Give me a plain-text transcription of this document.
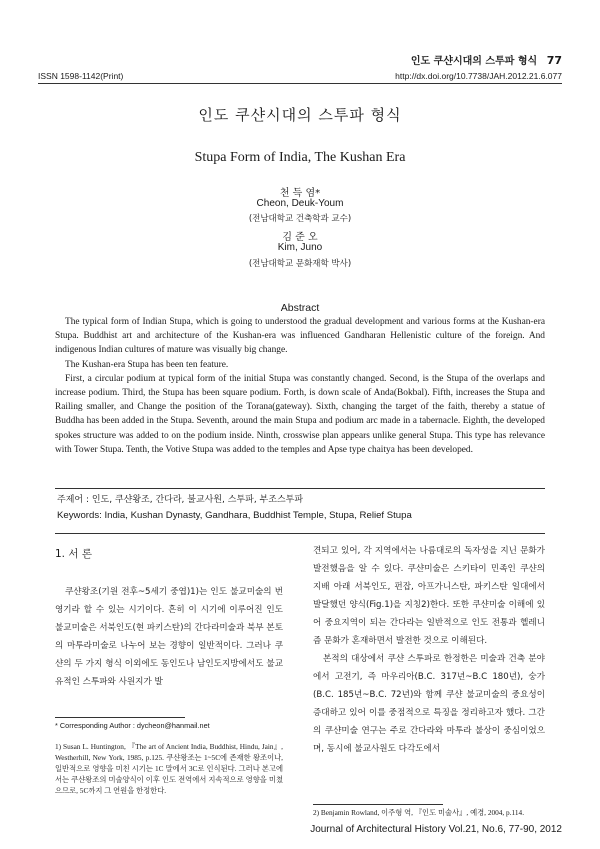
인도 쿠샨시대의 스투파 형식 77
ISSN 1598-1142(Print)	http://dx.doi.org/10.7738/JAH.2012.21.6.077
인도 쿠샨시대의 스투파 형식
Stupa Form of India, The Kushan Era
천 득 염*
Cheon, Deuk-Youm
(전남대학교 건축학과 교수)
김 준 오
Kim, Juno
(전남대학교 문화재학 박사)
Abstract

The typical form of Indian Stupa, which is going to understood the gradual development and various forms at the Kushan-era Stupa. Buddhist art and architecture of the Kushan-era was influenced Gandharan Hellenistic culture of the foreign. And indigenous Indian cultures of mature was visually big change.

The Kushan-era Stupa has been ten feature.

First, a circular podium at typical form of the initial Stupa was constantly changed. Second, is the Stupa of the overlaps and increase podium. Third, the Stupa has been square podium. Forth, is down scale of Anda(Bokbal). Fifth, increases the Stupa and Railing smaller, and Change the position of the Torana(gateway). Sixth, changing the target of the faith, thereby a statue of Buddha has been added in the Stupa. Seventh, around the main Stupa and podium arc made in a tabernacle. Eighth, the developed spokes structure was added to on the podium inside. Ninth, crosswise plan appears unlike general Stupa. This type has relevance with Tower Stupa. Tenth, the Votive Stupa was added to the temples and Apse type chaitya has been developed.

주제어 : 인도, 쿠샨왕조, 간다라, 불교사원, 스투파, 부조스투파
Keywords: India, Kushan Dynasty, Gandhara, Buddhist Temple, Stupa, Relief Stupa
1. 서 론

쿠샨왕조(기원 전후~5세기 중엽)1)는 인도 불교미술의 번영기라 할 수 있는 시기이다. 흔히 이 시기에 이루어진 인도 불교미술은 서북인도(현 파키스탄)의 간다라미술과 북부 본토의 마투라미술로 나누어 보는 경향이 일반적이다. 그러나 쿠샨의 두 가지 형식 이외에도 동인도나 남인도지방에서도 불교유적인 스투파와 사원지가 발

* Corresponding Author : dycheon@hanmail.net
1) Susan L. Huntington, 『The art of Ancient India, Buddhist, Hindu, Jain』, Westherhill, New York, 1985, p.125. 쿠샨왕조는 1~5C에 존재한 왕조이나, 일반적으로 영향을 미친 시기는 1C 말에서 3C로 인식된다. 그러나 본고에서는 쿠샨왕조의 미술양식이 이후 인도 전역에서 지속적으로 영향을 미쳤으므로, 5C까지 그 연원을 한정한다.

견되고 있어, 각 지역에서는 나름대로의 독자성을 지닌 문화가 발전했음을 알 수 있다. 쿠샨미술은 스키타이 민족인 쿠샨의 지배 아래 서북인도, 펀잡, 아프가니스탄, 파키스탄 일대에서 발달했던 양식(Fig.1)을 지칭2)한다. 또한 쿠샨미술 이해에 있어 중요지역이 되는 간다라는 일반적으로 인도 전통과 헬레니즘 문화가 혼재하면서 발전한 것으로 이해된다.

본적의 대상에서 쿠샨 스투파로 한정한은 미술과 건축 분야에서 고전기, 즉 마우리아(B.C. 317년~B.C 180년), 숭가(B.C. 185년~B.C. 72년)와 함께 쿠샨 불교미술의 중요성이 증대하고 있어 이를 중점적으로 특징을 정리하고자 했다. 그간의 쿠샨미술 연구는 주로 간다라와 마투라 불상이 중심이었으며, 동시에 불교사원도 다각도에서

2) Benjamin Rowland, 이주형 역, 『인도 미술사』, 예경, 2004, p.114.
Journal of Architectural History Vol.21, No.6, 77-90, 2012
